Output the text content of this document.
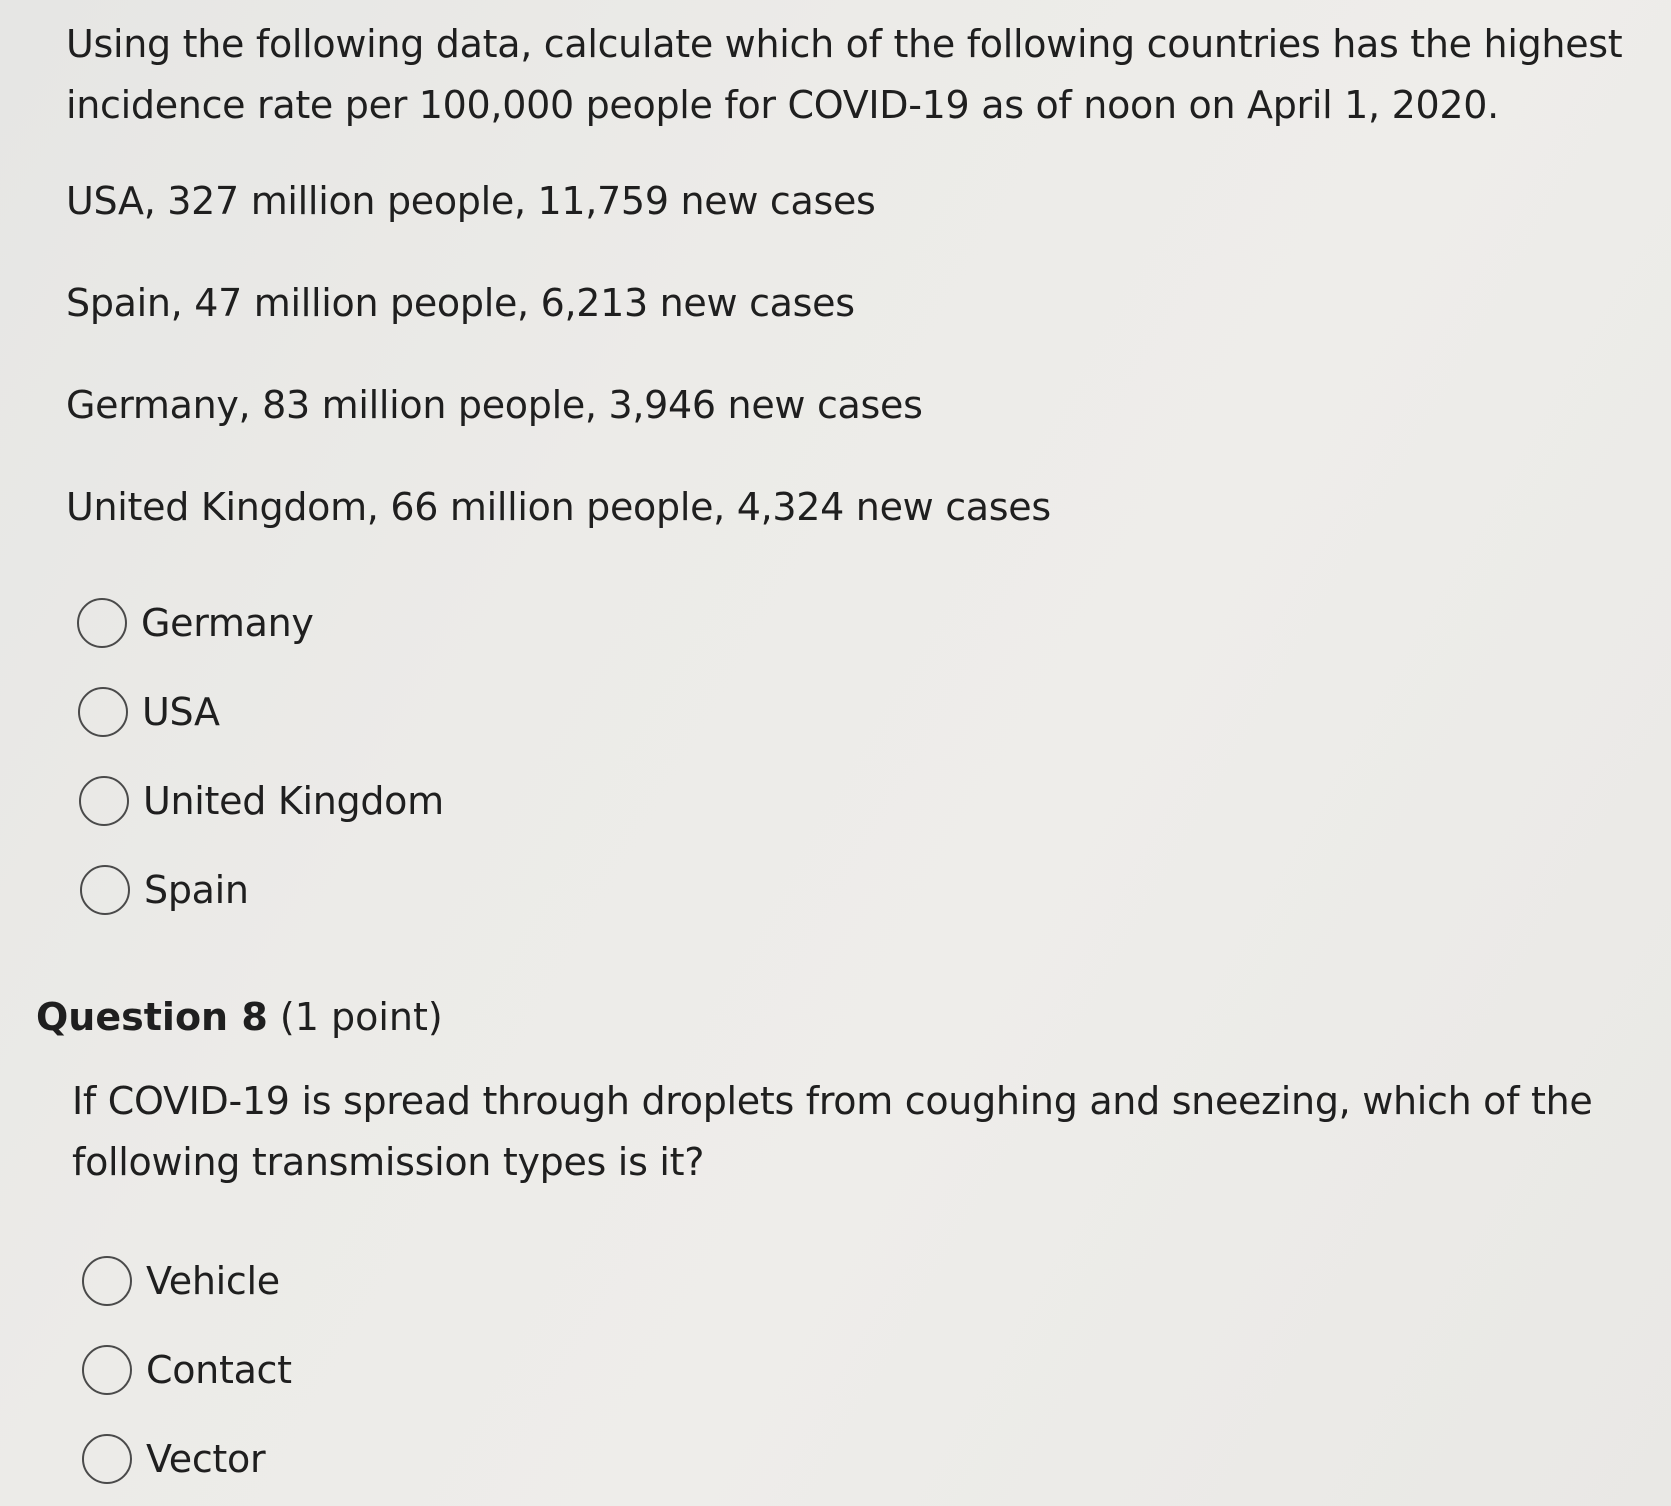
Using the following data, calculate which of the following countries has the highest incidence rate per 100,000 people for COVID-19 as of noon on April 1, 2020.
USA, 327 million people, 11,759 new cases
Spain, 47 million people, 6,213 new cases
Germany, 83 million people, 3,946 new cases
United Kingdom, 66 million people, 4,324 new cases
Germany
USA
United Kingdom
Spain
Question 8 (1 point)
If COVID-19 is spread through droplets from coughing and sneezing, which of the following transmission types is it?
Vehicle
Contact
Vector
